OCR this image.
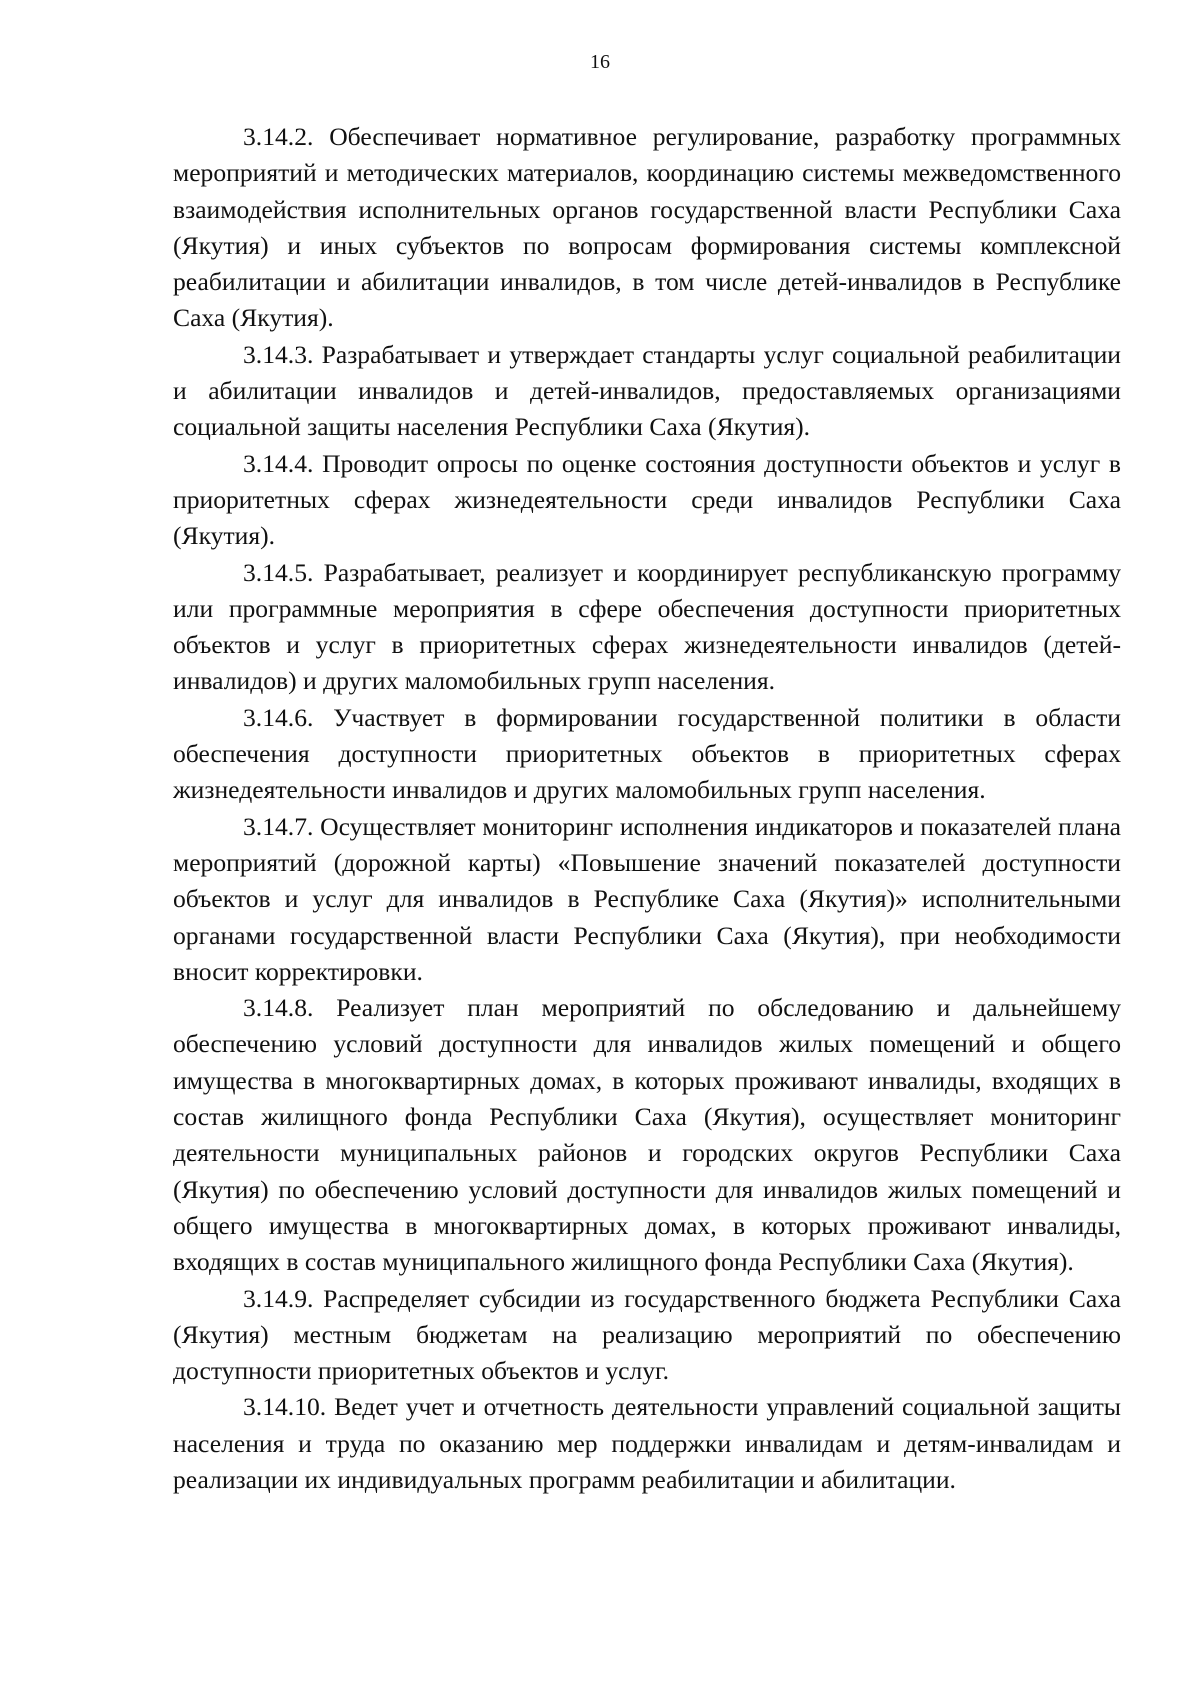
16

3.14.2. Обеспечивает нормативное регулирование, разработку программных мероприятий и методических материалов, координацию системы межведомственного взаимодействия исполнительных органов государственной власти Республики Саха (Якутия) и иных субъектов по вопросам формирования системы комплексной реабилитации и абилитации инвалидов, в том числе детей-инвалидов в Республике Саха (Якутия).

3.14.3. Разрабатывает и утверждает стандарты услуг социальной реабилитации и абилитации инвалидов и детей-инвалидов, предоставляемых организациями социальной защиты населения Республики Саха (Якутия).

3.14.4. Проводит опросы по оценке состояния доступности объектов и услуг в приоритетных сферах жизнедеятельности среди инвалидов Республики Саха (Якутия).

3.14.5. Разрабатывает, реализует и координирует республиканскую программу или программные мероприятия в сфере обеспечения доступности приоритетных объектов и услуг в приоритетных сферах жизнедеятельности инвалидов (детей-инвалидов) и других маломобильных групп населения.

3.14.6. Участвует в формировании государственной политики в области обеспечения доступности приоритетных объектов в приоритетных сферах жизнедеятельности инвалидов и других маломобильных групп населения.

3.14.7. Осуществляет мониторинг исполнения индикаторов и показателей плана мероприятий (дорожной карты) «Повышение значений показателей доступности объектов и услуг для инвалидов в Республике Саха (Якутия)» исполнительными органами государственной власти Республики Саха (Якутия), при необходимости вносит корректировки.

3.14.8. Реализует план мероприятий по обследованию и дальнейшему обеспечению условий доступности для инвалидов жилых помещений и общего имущества в многоквартирных домах, в которых проживают инвалиды, входящих в состав жилищного фонда Республики Саха (Якутия), осуществляет мониторинг деятельности муниципальных районов и городских округов Республики Саха (Якутия) по обеспечению условий доступности для инвалидов жилых помещений и общего имущества в многоквартирных домах, в которых проживают инвалиды, входящих в состав муниципального жилищного фонда Республики Саха (Якутия).

3.14.9. Распределяет субсидии из государственного бюджета Республики Саха (Якутия) местным бюджетам на реализацию мероприятий по обеспечению доступности приоритетных объектов и услуг.

3.14.10. Ведет учет и отчетность деятельности управлений социальной защиты населения и труда по оказанию мер поддержки инвалидам и детям-инвалидам и реализации их индивидуальных программ реабилитации и абилитации.
